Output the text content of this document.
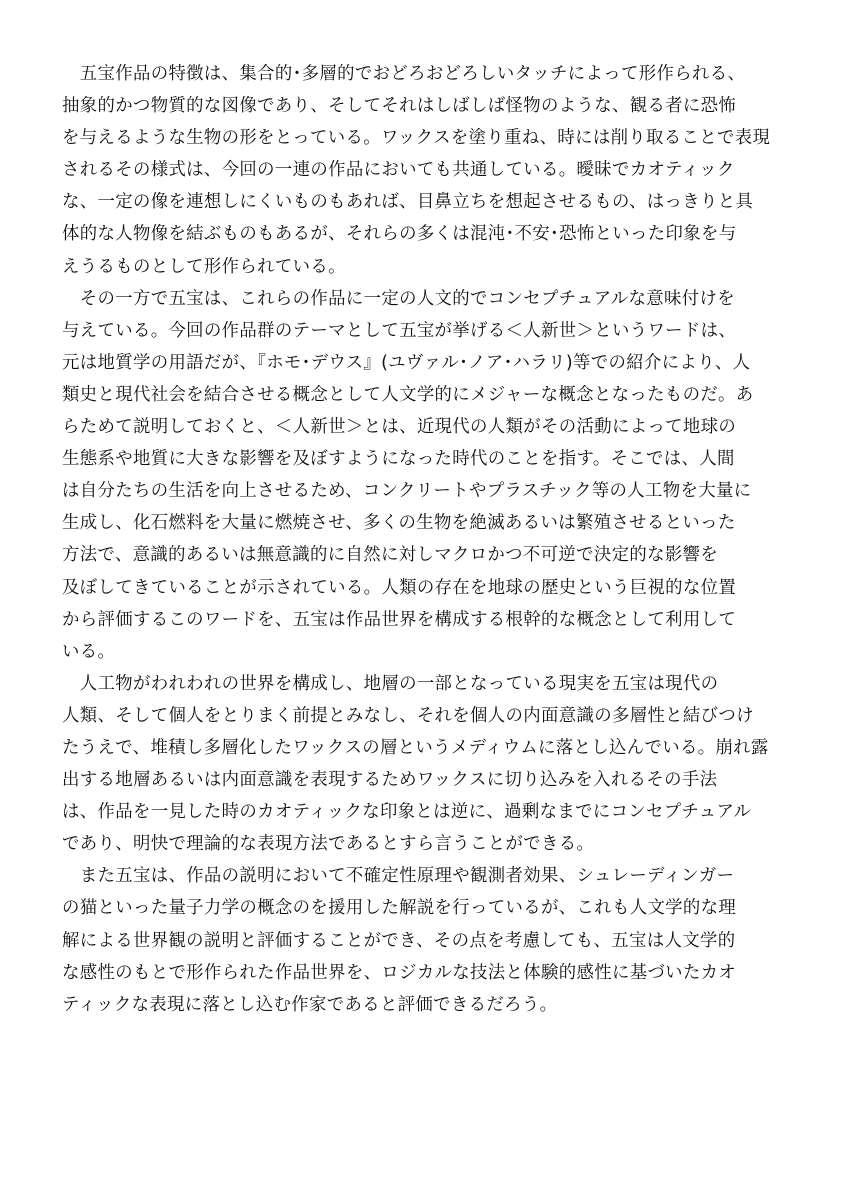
　五宝作品の特徴は、集合的･多層的でおどろおどろしいタッチによって形作られる、
抽象的かつ物質的な図像であり、そしてそれはしばしば怪物のような、観る者に恐怖
を与えるような生物の形をとっている。ワックスを塗り重ね、時には削り取ることで表現
されるその様式は、今回の一連の作品においても共通している。曖昧でカオティック
な、一定の像を連想しにくいものもあれば、目鼻立ちを想起させるもの、はっきりと具
体的な人物像を結ぶものもあるが、それらの多くは混沌･不安･恐怖といった印象を与
えうるものとして形作られている。
　その一方で五宝は、これらの作品に一定の人文的でコンセプチュアルな意味付けを
与えている。今回の作品群のテーマとして五宝が挙げる＜人新世＞というワードは、
元は地質学の用語だが、『ホモ･デウス』(ユヴァル･ノア･ハラリ)等での紹介により、人
類史と現代社会を結合させる概念として人文学的にメジャーな概念となったものだ。あ
らためて説明しておくと、＜人新世＞とは、近現代の人類がその活動によって地球の
生態系や地質に大きな影響を及ぼすようになった時代のことを指す。そこでは、人間
は自分たちの生活を向上させるため、コンクリートやプラスチック等の人工物を大量に
生成し、化石燃料を大量に燃焼させ、多くの生物を絶滅あるいは繁殖させるといった
方法で、意識的あるいは無意識的に自然に対しマクロかつ不可逆で決定的な影響を
及ぼしてきていることが示されている。人類の存在を地球の歴史という巨視的な位置
から評価するこのワードを、五宝は作品世界を構成する根幹的な概念として利用して
いる。
　人工物がわれわれの世界を構成し、地層の一部となっている現実を五宝は現代の
人類、そして個人をとりまく前提とみなし、それを個人の内面意識の多層性と結びつけ
たうえで、堆積し多層化したワックスの層というメディウムに落とし込んでいる。崩れ露
出する地層あるいは内面意識を表現するためワックスに切り込みを入れるその手法
は、作品を一見した時のカオティックな印象とは逆に、過剰なまでにコンセプチュアル
であり、明快で理論的な表現方法であるとすら言うことができる。
　また五宝は、作品の説明において不確定性原理や観測者効果、シュレーディンガー
の猫といった量子力学の概念のを援用した解説を行っているが、これも人文学的な理
解による世界観の説明と評価することができ、その点を考慮しても、五宝は人文学的
な感性のもとで形作られた作品世界を、ロジカルな技法と体験的感性に基づいたカオ
ティックな表現に落とし込む作家であると評価できるだろう。
